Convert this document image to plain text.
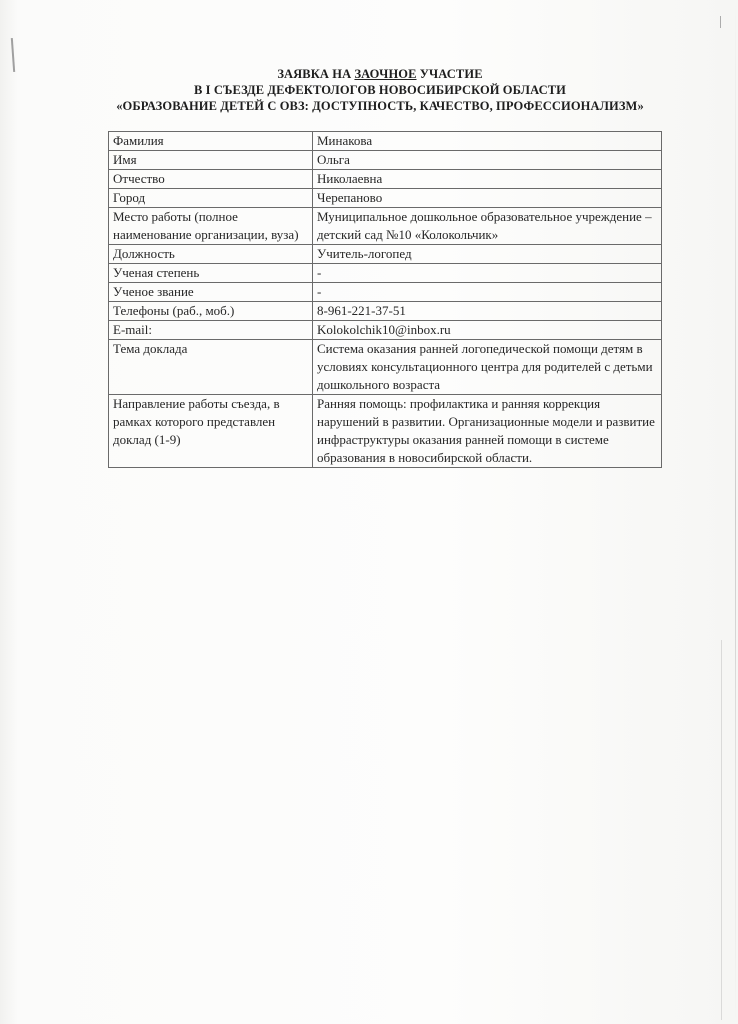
ЗАЯВКА НА ЗАОЧНОЕ УЧАСТИЕ
В I СЪЕЗДЕ ДЕФЕКТОЛОГОВ НОВОСИБИРСКОЙ ОБЛАСТИ
«ОБРАЗОВАНИЕ ДЕТЕЙ С ОВЗ: ДОСТУПНОСТЬ, КАЧЕСТВО, ПРОФЕССИОНАЛИЗМ»
Фамилия	Минакова
Имя	Ольга
Отчество	Николаевна
Город	Черепаново
Место работы (полное наименование организации, вуза)	Муниципальное дошкольное образовательное учреждение – детский сад №10 «Колокольчик»
Должность	Учитель-логопед
Ученая степень	-
Ученое звание	-
Телефоны (раб., моб.)	8-961-221-37-51
E-mail:	Kolokolchik10@inbox.ru
Тема доклада	Система оказания ранней логопедической помощи детям в условиях консультационного центра для родителей с детьми дошкольного возраста
Направление работы съезда, в рамках которого представлен доклад (1-9)	Ранняя помощь: профилактика и ранняя коррекция нарушений в развитии. Организационные модели и развитие инфраструктуры оказания ранней помощи в системе образования в новосибирской области.
